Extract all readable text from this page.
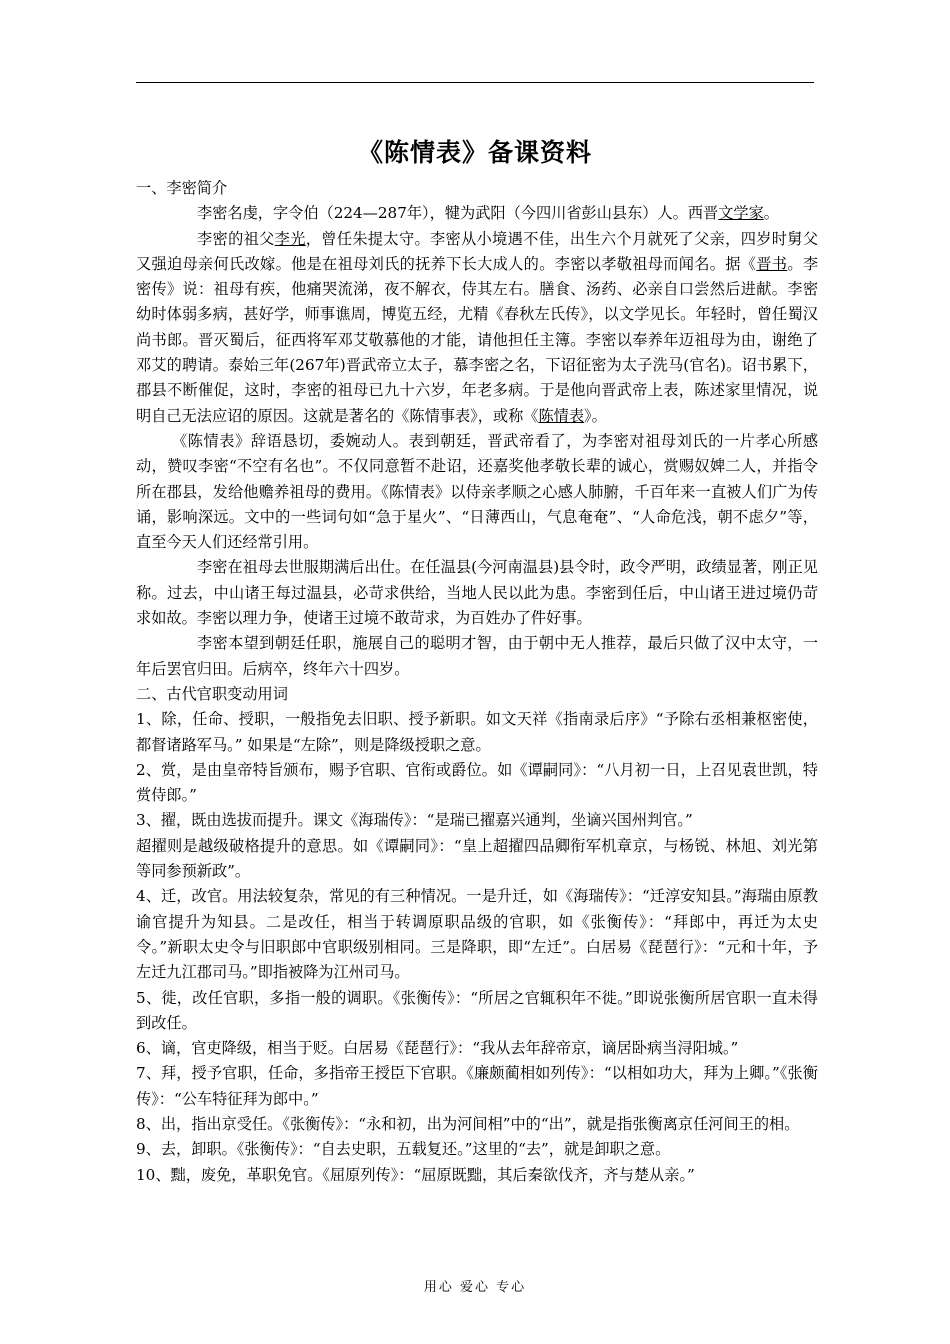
《陈情表》备课资料

一、李密简介

李密名虔，字令伯（224—287年），犍为武阳（今四川省彭山县东）人。西晋文学家。

李密的祖父李光，曾任朱提太守。李密从小境遇不佳，出生六个月就死了父亲，四岁时舅父又强迫母亲何氏改嫁。他是在祖母刘氏的抚养下长大成人的。李密以孝敬祖母而闻名。据《晋书。李密传》说：祖母有疾，他痛哭流涕，夜不解衣，侍其左右。膳食、汤药、必亲自口尝然后进献。李密幼时体弱多病，甚好学，师事谯周，博览五经，尤精《春秋左氏传》，以文学见长。年轻时，曾任蜀汉尚书郎。晋灭蜀后，征西将军邓艾敬慕他的才能，请他担任主簿。李密以奉养年迈祖母为由，谢绝了邓艾的聘请。泰始三年(267年)晋武帝立太子，慕李密之名，下诏征密为太子洗马(官名)。诏书累下，郡县不断催促，这时，李密的祖母已九十六岁，年老多病。于是他向晋武帝上表，陈述家里情况，说明自己无法应诏的原因。这就是著名的《陈情事表》，或称《陈情表》。

《陈情表》辞语恳切，委婉动人。表到朝廷，晋武帝看了，为李密对祖母刘氏的一片孝心所感动，赞叹李密“不空有名也”。不仅同意暂不赴诏，还嘉奖他孝敬长辈的诚心，赏赐奴婢二人，并指令所在郡县，发给他赡养祖母的费用。《陈情表》以侍亲孝顺之心感人肺腑，千百年来一直被人们广为传诵，影响深远。文中的一些词句如“急于星火”、“日薄西山，气息奄奄”、“人命危浅，朝不虑夕”等，直至今天人们还经常引用。

李密在祖母去世服期满后出仕。在任温县(今河南温县)县令时，政令严明，政绩显著，刚正见称。过去，中山诸王每过温县，必苛求供给，当地人民以此为患。李密到任后，中山诸王进过境仍苛求如故。李密以理力争，使诸王过境不敢苛求，为百姓办了件好事。

李密本望到朝廷任职，施展自己的聪明才智，由于朝中无人推荐，最后只做了汉中太守，一年后罢官归田。后病卒，终年六十四岁。

二、古代官职变动用词

1、除，任命、授职，一般指免去旧职、授予新职。如文天祥《指南录后序》“予除右丞相兼枢密使，都督诸路军马。” 如果是“左除”，则是降级授职之意。

2、赏，是由皇帝特旨颁布，赐予官职、官衔或爵位。如《谭嗣同》：“八月初一日，上召见袁世凯，特赏侍郎。”

3、擢，既由选拔而提升。课文《海瑞传》：“是瑞已擢嘉兴通判，坐谪兴国州判官。”

超擢则是越级破格提升的意思。如《谭嗣同》：“皇上超擢四品卿衔军机章京，与杨锐、林旭、刘光第等同参预新政”。

4、迁，改官。用法较复杂，常见的有三种情况。一是升迁，如《海瑞传》：“迁淳安知县。”海瑞由原教谕官提升为知县。二是改任，相当于转调原职品级的官职，如《张衡传》：“拜郎中，再迁为太史令。”新职太史令与旧职郎中官职级别相同。三是降职，即“左迁”。白居易《琵琶行》：“元和十年，予左迁九江郡司马。”即指被降为江州司马。

5、徙，改任官职，多指一般的调职。《张衡传》：“所居之官辄积年不徙。”即说张衡所居官职一直未得到改任。

6、谪，官吏降级，相当于贬。白居易《琵琶行》：“我从去年辞帝京，谪居卧病当浔阳城。”

7、拜，授予官职，任命，多指帝王授臣下官职。《廉颇蔺相如列传》：“以相如功大，拜为上卿。”《张衡传》：“公车特征拜为郎中。”

8、出，指出京受任。《张衡传》：“永和初，出为河间相”中的“出”，就是指张衡离京任河间王的相。

9、去，卸职。《张衡传》：“自去史职，五载复还。”这里的“去”，就是卸职之意。

10、黜，废免，革职免官。《屈原列传》：“屈原既黜，其后秦欲伐齐，齐与楚从亲。”

用心 爱心 专心
